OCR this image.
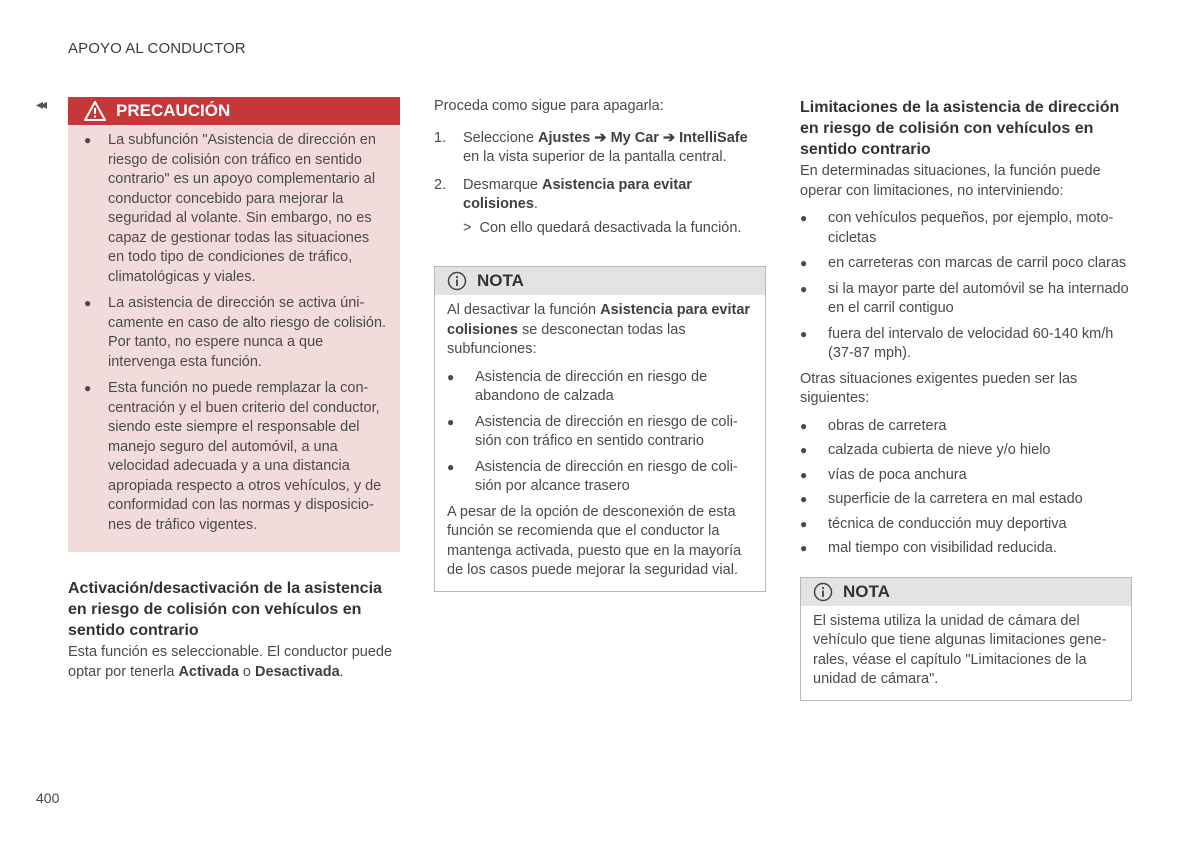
APOYO AL CONDUCTOR
◂◂	PRECAUCIÓN
● La subfunción "Asistencia de dirección en riesgo de colisión con tráfico en sentido contrario" es un apoyo complementario al conductor concebido para mejorar la seguridad al volante. Sin embargo, no es capaz de gestionar todas las situaciones en todo tipo de condiciones de tráfico, climatológicas y viales.
● La asistencia de dirección se activa únicamente en caso de alto riesgo de colisión. Por tanto, no espere nunca a que intervenga esta función.
● Esta función no puede remplazar la concentración y el buen criterio del conductor, siendo este siempre el responsable del manejo seguro del automóvil, a una velocidad adecuada y a una distancia apropiada respecto a otros vehículos, y de conformidad con las normas y disposiciones de tráfico vigentes.
Activación/desactivación de la asistencia en riesgo de colisión con vehículos en sentido contrario
Esta función es seleccionable. El conductor puede optar por tenerla Activada o Desactivada.
Proceda como sigue para apagarla:
1. Seleccione Ajustes ➔ My Car ➔ IntelliSafe en la vista superior de la pantalla central.
2. Desmarque Asistencia para evitar colisiones.
> Con ello quedará desactivada la función.
NOTA
Al desactivar la función Asistencia para evitar colisiones se desconectan todas las subfunciones:
● Asistencia de dirección en riesgo de abandono de calzada
● Asistencia de dirección en riesgo de colisión con tráfico en sentido contrario
● Asistencia de dirección en riesgo de colisión por alcance trasero
A pesar de la opción de desconexión de esta función se recomienda que el conductor la mantenga activada, puesto que en la mayoría de los casos puede mejorar la seguridad vial.
Limitaciones de la asistencia de dirección en riesgo de colisión con vehículos en sentido contrario
En determinadas situaciones, la función puede operar con limitaciones, no interviniendo:
● con vehículos pequeños, por ejemplo, motocicletas
● en carreteras con marcas de carril poco claras
● si la mayor parte del automóvil se ha internado en el carril contiguo
● fuera del intervalo de velocidad 60-140 km/h (37-87 mph).
Otras situaciones exigentes pueden ser las siguientes:
● obras de carretera
● calzada cubierta de nieve y/o hielo
● vías de poca anchura
● superficie de la carretera en mal estado
● técnica de conducción muy deportiva
● mal tiempo con visibilidad reducida.
NOTA
El sistema utiliza la unidad de cámara del vehículo que tiene algunas limitaciones generales, véase el capítulo "Limitaciones de la unidad de cámara".
400
